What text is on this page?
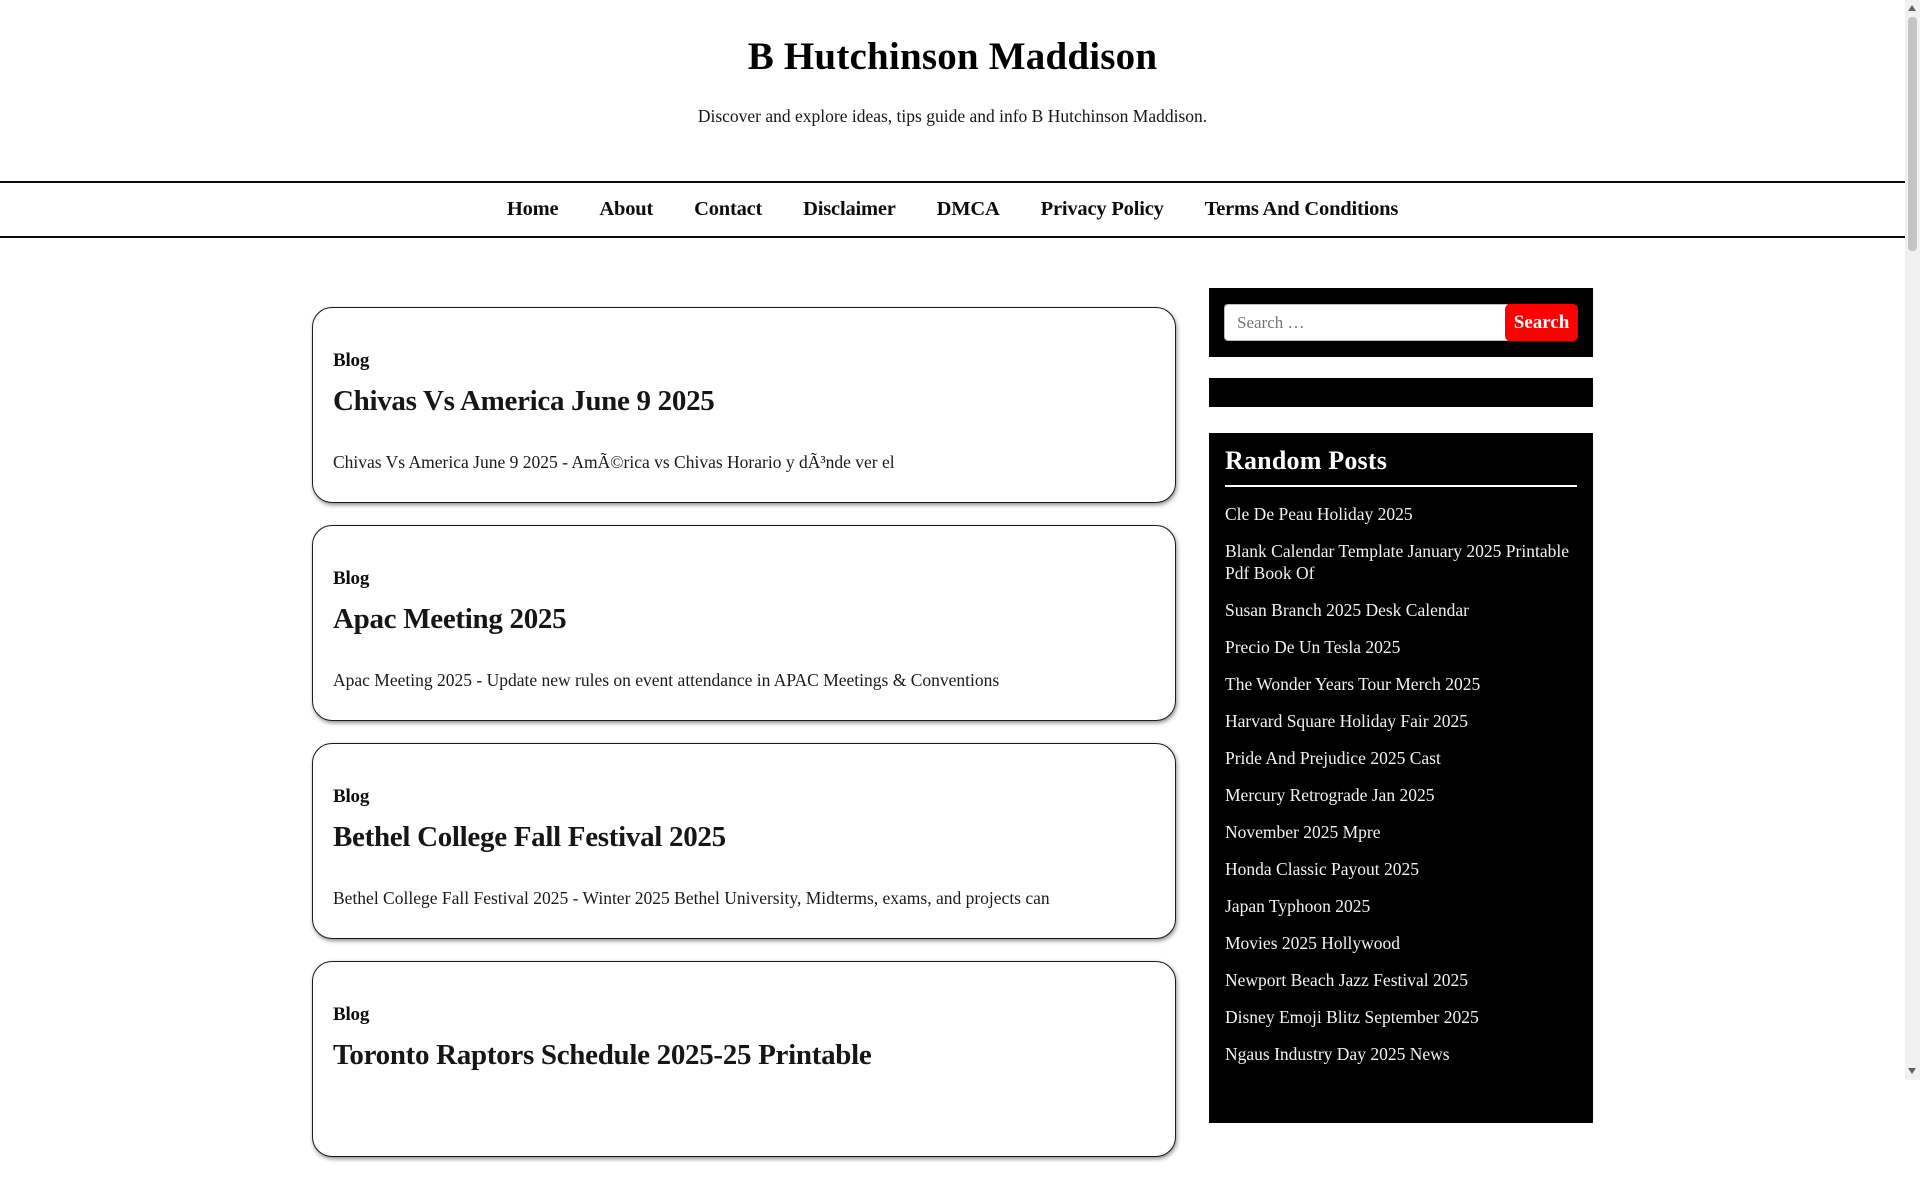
B Hutchinson Maddison

Discover and explore ideas, tips guide and info B Hutchinson Maddison.

Home About Contact Disclaimer DMCA Privacy Policy Terms And Conditions
Blog
Chivas Vs America June 9 2025

Chivas Vs America June 9 2025 - AmÃ©rica vs Chivas Horario y dÃ³nde ver el

Blog
Apac Meeting 2025

Apac Meeting 2025 - Update new rules on event attendance in APAC Meetings & Conventions

Blog
Bethel College Fall Festival 2025

Bethel College Fall Festival 2025 - Winter 2025 Bethel University, Midterms, exams, and projects can

Blog
Toronto Raptors Schedule 2025-25 Printable
Search …
Search
Random Posts
Cle De Peau Holiday 2025
Blank Calendar Template January 2025 Printable Pdf Book Of
Susan Branch 2025 Desk Calendar
Precio De Un Tesla 2025
The Wonder Years Tour Merch 2025
Harvard Square Holiday Fair 2025
Pride And Prejudice 2025 Cast
Mercury Retrograde Jan 2025
November 2025 Mpre
Honda Classic Payout 2025
Japan Typhoon 2025
Movies 2025 Hollywood
Newport Beach Jazz Festival 2025
Disney Emoji Blitz September 2025
Ngaus Industry Day 2025 News
